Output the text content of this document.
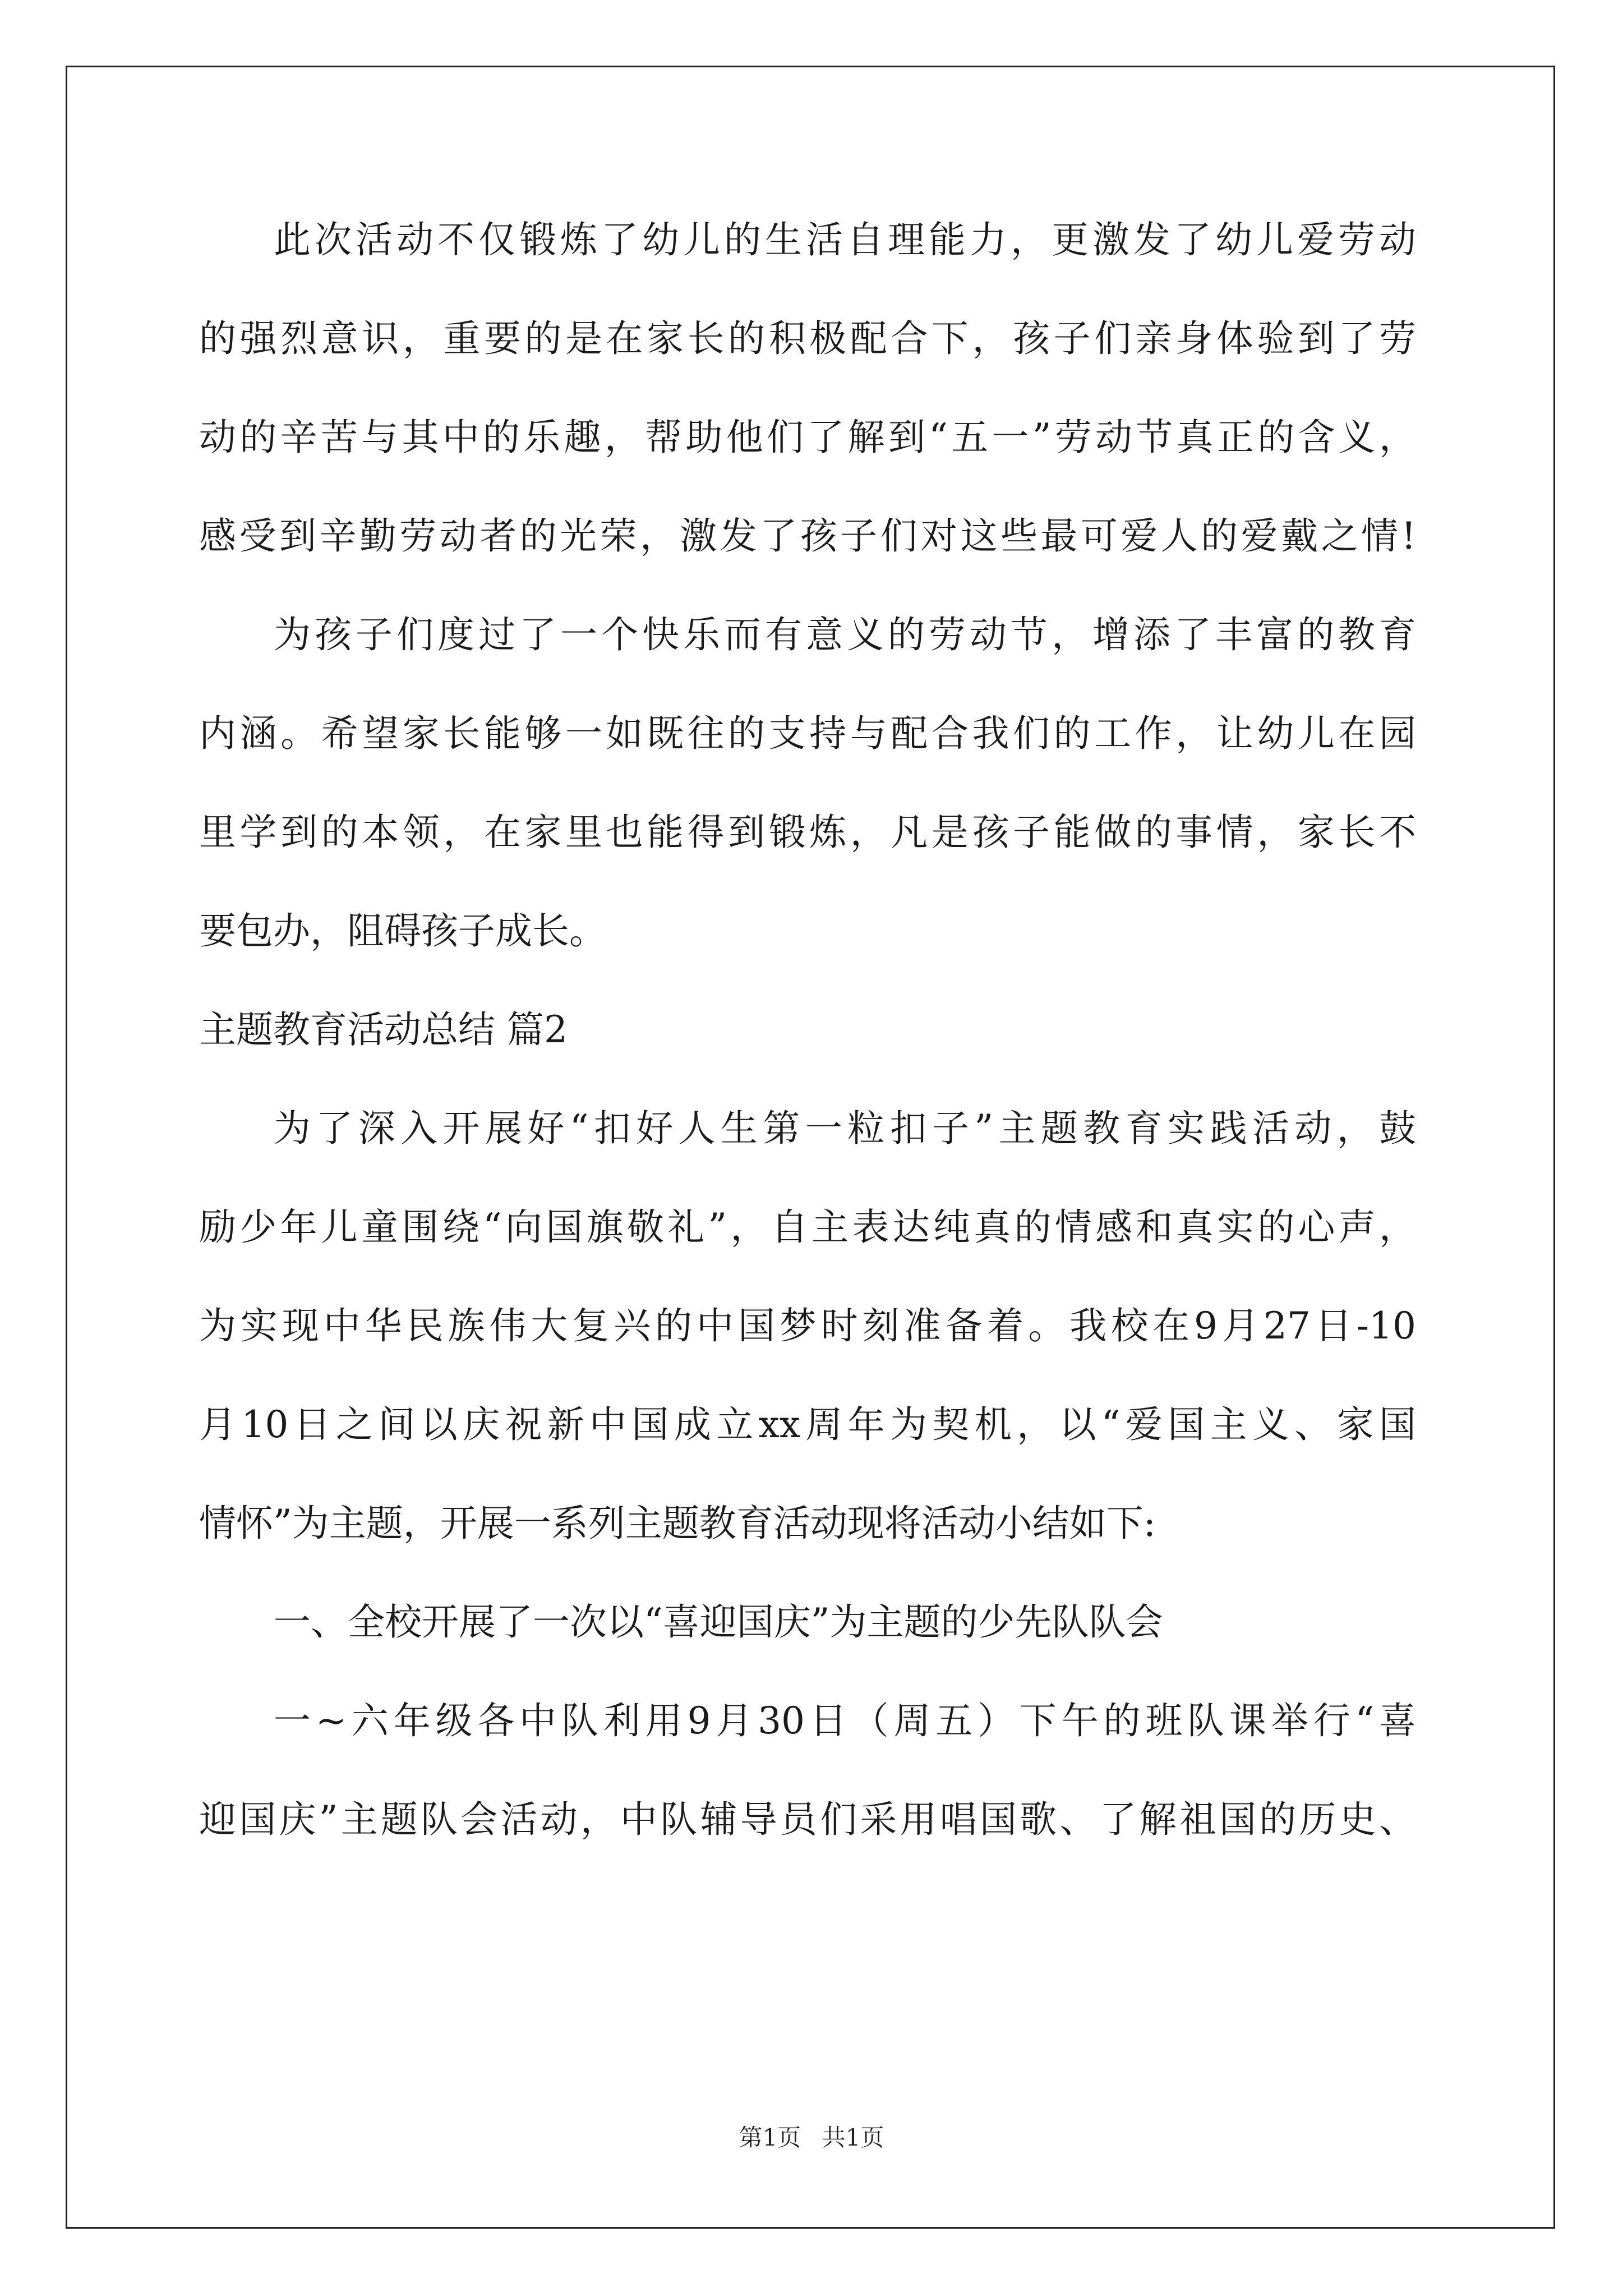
此次活动不仅锻炼了幼儿的生活自理能力，更激发了幼儿爱劳动
的强烈意识，重要的是在家长的积极配合下，孩子们亲身体验到了劳
动的辛苦与其中的乐趣，帮助他们了解到“五一”劳动节真正的含义，
感受到辛勤劳动者的光荣，激发了孩子们对这些最可爱人的爱戴之情!
为孩子们度过了一个快乐而有意义的劳动节，增添了丰富的教育
内涵。希望家长能够一如既往的支持与配合我们的工作，让幼儿在园
里学到的本领，在家里也能得到锻炼，凡是孩子能做的事情，家长不
要包办，阻碍孩子成长。
主题教育活动总结 篇2
为了深入开展好“扣好人生第一粒扣子”主题教育实践活动，鼓
励少年儿童围绕“向国旗敬礼”，自主表达纯真的情感和真实的心声，
为实现中华民族伟大复兴的中国梦时刻准备着。我校在9月27日-10
月10日之间以庆祝新中国成立xx周年为契机，以“爱国主义、家国
情怀”为主题，开展一系列主题教育活动现将活动小结如下:
一、全校开展了一次以“喜迎国庆”为主题的少先队队会
一~六年级各中队利用9月30日（周五）下午的班队课举行“喜
迎国庆”主题队会活动，中队辅导员们采用唱国歌、了解祖国的历史、
第1页 共1页
